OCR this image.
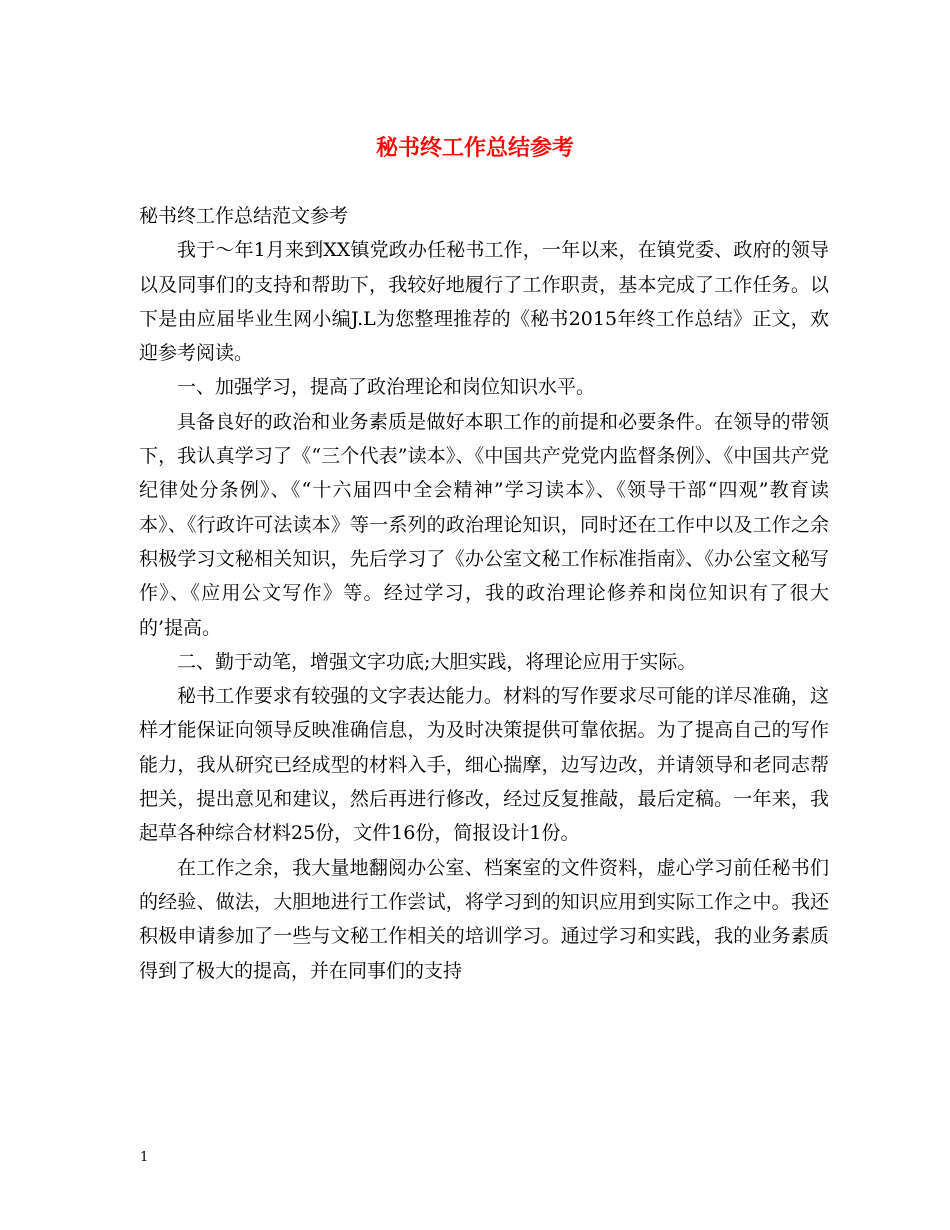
秘书终工作总结参考

秘书终工作总结范文参考

我于～年1月来到XX镇党政办任秘书工作，一年以来，在镇党委、政府的领导以及同事们的支持和帮助下，我较好地履行了工作职责，基本完成了工作任务。以下是由应届毕业生网小编J.L为您整理推荐的《秘书2015年终工作总结》正文，欢迎参考阅读。

一、加强学习，提高了政治理论和岗位知识水平。

具备良好的政治和业务素质是做好本职工作的前提和必要条件。在领导的带领下，我认真学习了《“三个代表”读本》、《中国共产党党内监督条例》、《中国共产党纪律处分条例》、《“十六届四中全会精神”学习读本》、《领导干部“四观”教育读本》、《行政许可法读本》等一系列的政治理论知识，同时还在工作中以及工作之余积极学习文秘相关知识，先后学习了《办公室文秘工作标准指南》、《办公室文秘写作》、《应用公文写作》等。经过学习，我的政治理论修养和岗位知识有了很大的’提高。

二、勤于动笔，增强文字功底;大胆实践，将理论应用于实际。

秘书工作要求有较强的文字表达能力。材料的写作要求尽可能的详尽准确，这样才能保证向领导反映准确信息，为及时决策提供可靠依据。为了提高自己的写作能力，我从研究已经成型的材料入手，细心揣摩，边写边改，并请领导和老同志帮把关，提出意见和建议，然后再进行修改，经过反复推敲，最后定稿。一年来，我起草各种综合材料25份，文件16份，简报设计1份。

在工作之余，我大量地翻阅办公室、档案室的文件资料，虚心学习前任秘书们的经验、做法，大胆地进行工作尝试，将学习到的知识应用到实际工作之中。我还积极申请参加了一些与文秘工作相关的培训学习。通过学习和实践，我的业务素质得到了极大的提高，并在同事们的支持

1
